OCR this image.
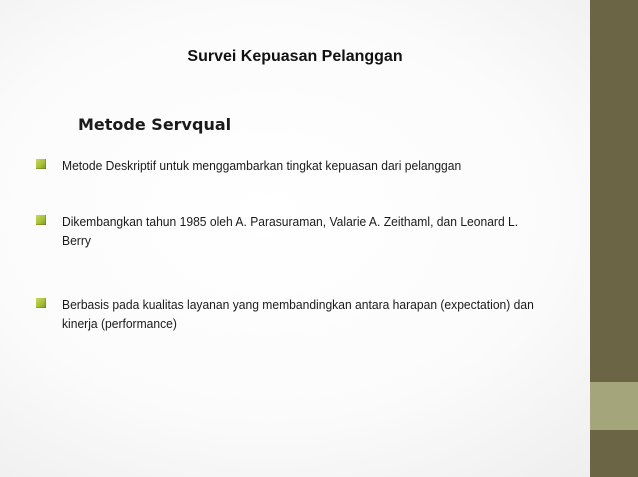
Survei Kepuasan Pelanggan
Metode Servqual
Metode Deskriptif untuk menggambarkan tingkat kepuasan dari pelanggan
Dikembangkan tahun 1985 oleh A. Parasuraman, Valarie A. Zeithaml, dan Leonard L. Berry
Berbasis pada kualitas layanan yang membandingkan antara harapan (expectation) dan kinerja (performance)
